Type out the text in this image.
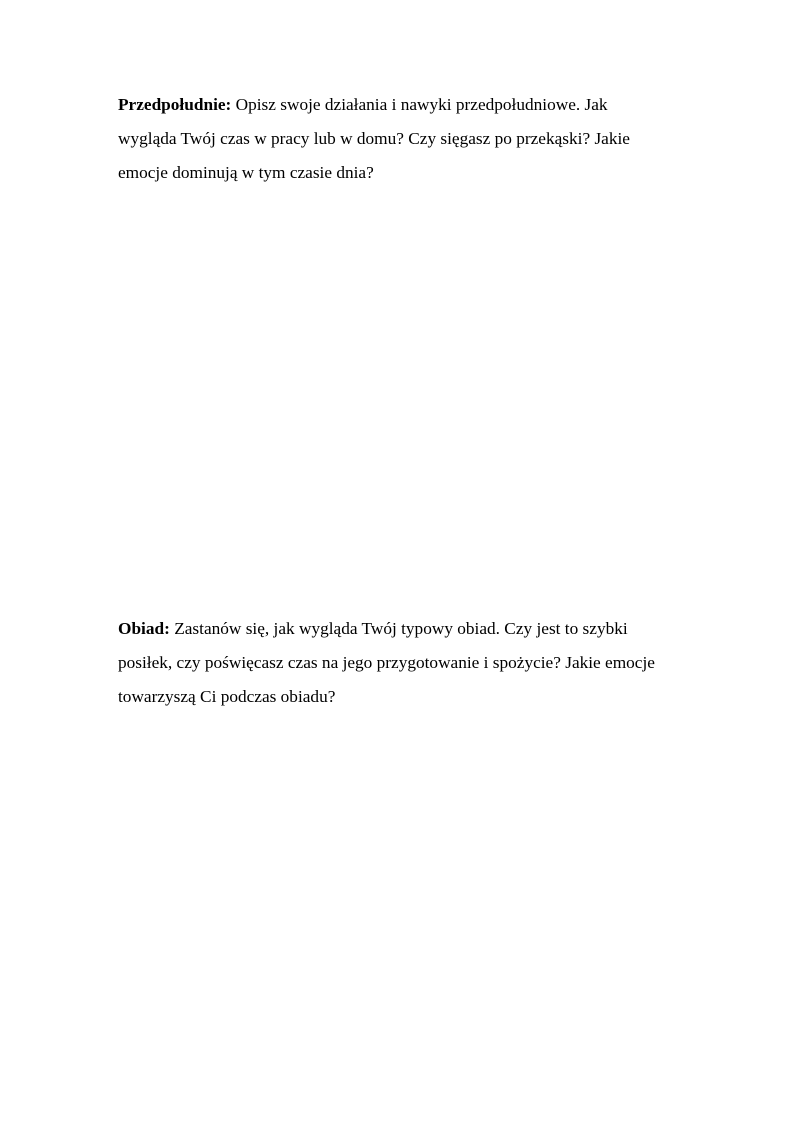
Przedpołudnie: Opisz swoje działania i nawyki przedpołudniowe. Jak
wygląda Twój czas w pracy lub w domu? Czy sięgasz po przekąski? Jakie
emocje dominują w tym czasie dnia?
Obiad: Zastanów się, jak wygląda Twój typowy obiad. Czy jest to szybki
posiłek, czy poświęcasz czas na jego przygotowanie i spożycie? Jakie emocje
towarzyszą Ci podczas obiadu?
